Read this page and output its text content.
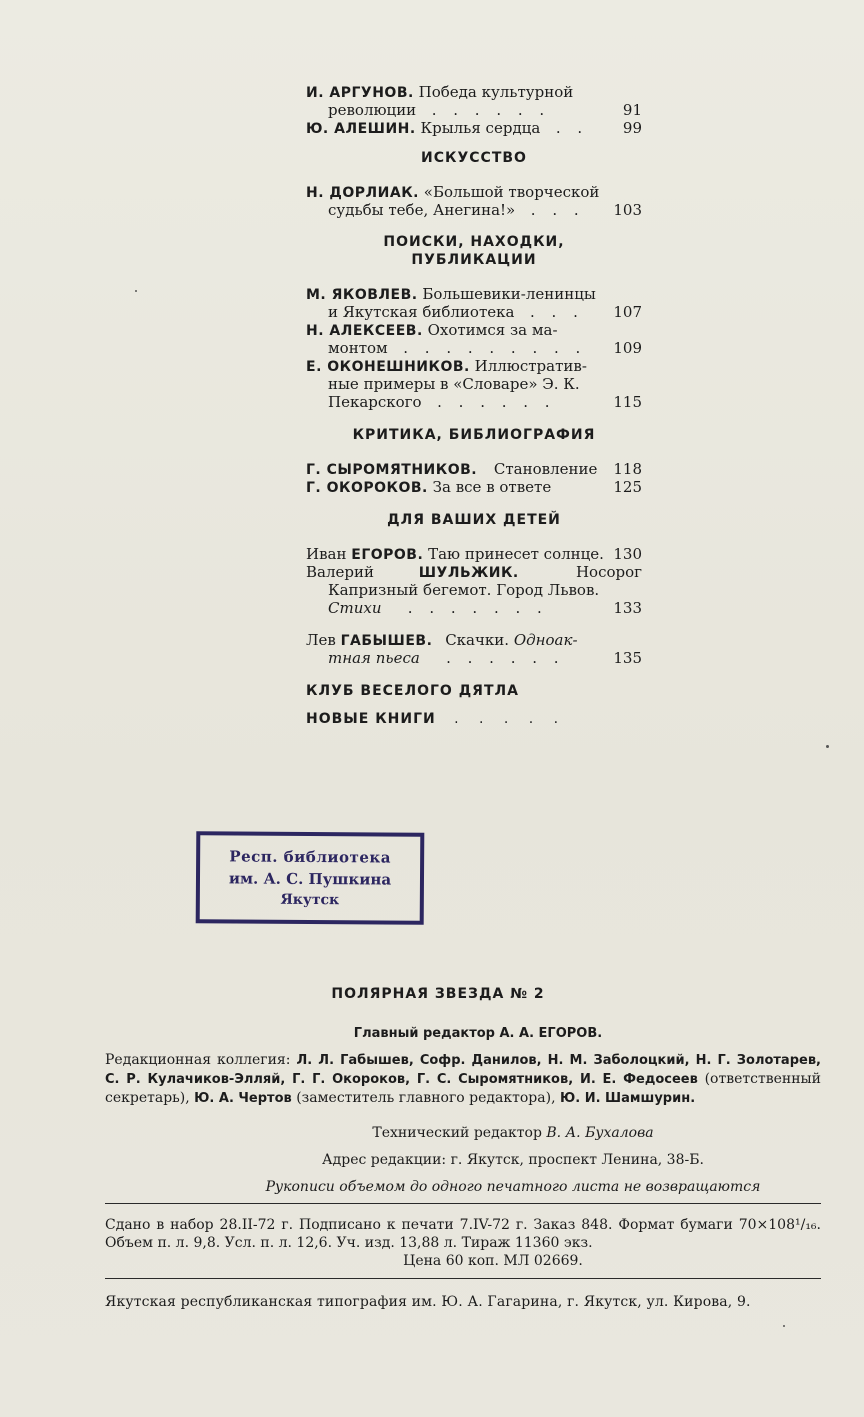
И. АРГУНОВ. Победа культурной
революции  . . . . . .	91
Ю. АЛЕШИН. Крылья сердца  . . 99
ИСКУССТВО
Н. ДОРЛИАК. «Большой творческой
судьбы тебе, Анегина!»  . . . 103
ПОИСКИ, НАХОДКИ,
ПУБЛИКАЦИИ
М. ЯКОВЛЕВ. Большевики-ленинцы
и Якутская библиотека  . . . 107
Н. АЛЕКСЕЕВ. Охотимся за ма-
монтом  . . . . . . . . . 109
Е. ОКОНЕШНИКОВ. Иллюстратив-
ные примеры в «Словаре» Э. К.
Пекарского  . . . . . .	115
КРИТИКА, БИБЛИОГРАФИЯ
Г. СЫРОМЯТНИКОВ. Становление 118
Г. ОКОРОКОВ. За все в ответе	125
ДЛЯ ВАШИХ ДЕТЕЙ
Иван ЕГОРОВ. Таю принесет солнце. 130
Валерий	ШУЛЬЖИК.	Носорог
Капризный бегемот. Город Львов.
Стихи   . . . . . . .	133
Лев ГАБЫШЕВ. Скачки. Одноак-
тная пьеса   . . . . . .	135
КЛУБ ВЕСЕЛОГО ДЯТЛА
НОВЫЕ КНИГИ  . . . . .
Респ. библиотека
им. А. С. Пушкина
Якутск
ПОЛЯРНАЯ ЗВЕЗДА № 2
Главный редактор А. А. ЕГОРОВ.
Редакционная коллегия: Л. Л. Габышев, Софр. Данилов, Н. М. Заболоцкий, Н. Г. Золотарев, С. Р. Кулачиков-Элляй, Г. Г. Окороков, Г. С. Сыромятников, И. Е. Федосеев (ответственный секретарь), Ю. А. Чертов (заместитель главного редактора), Ю. И. Шамшурин.
Технический редактор В. А. Бухалова
Адрес редакции: г. Якутск, проспект Ленина, 38-Б.
Рукописи объемом до одного печатного листа не возвращаются
Сдано в набор 28.II-72 г. Подписано к печати 7.IV-72 г. Заказ 848. Формат бумаги 70×108¹/₁₆. Объем п. л. 9,8. Усл. п. л. 12,6. Уч. изд. 13,88 л. Тираж 11360 экз.
Цена 60 коп. МЛ 02669.
Якутская республиканская типография им. Ю. А. Гагарина, г. Якутск, ул. Кирова, 9.
